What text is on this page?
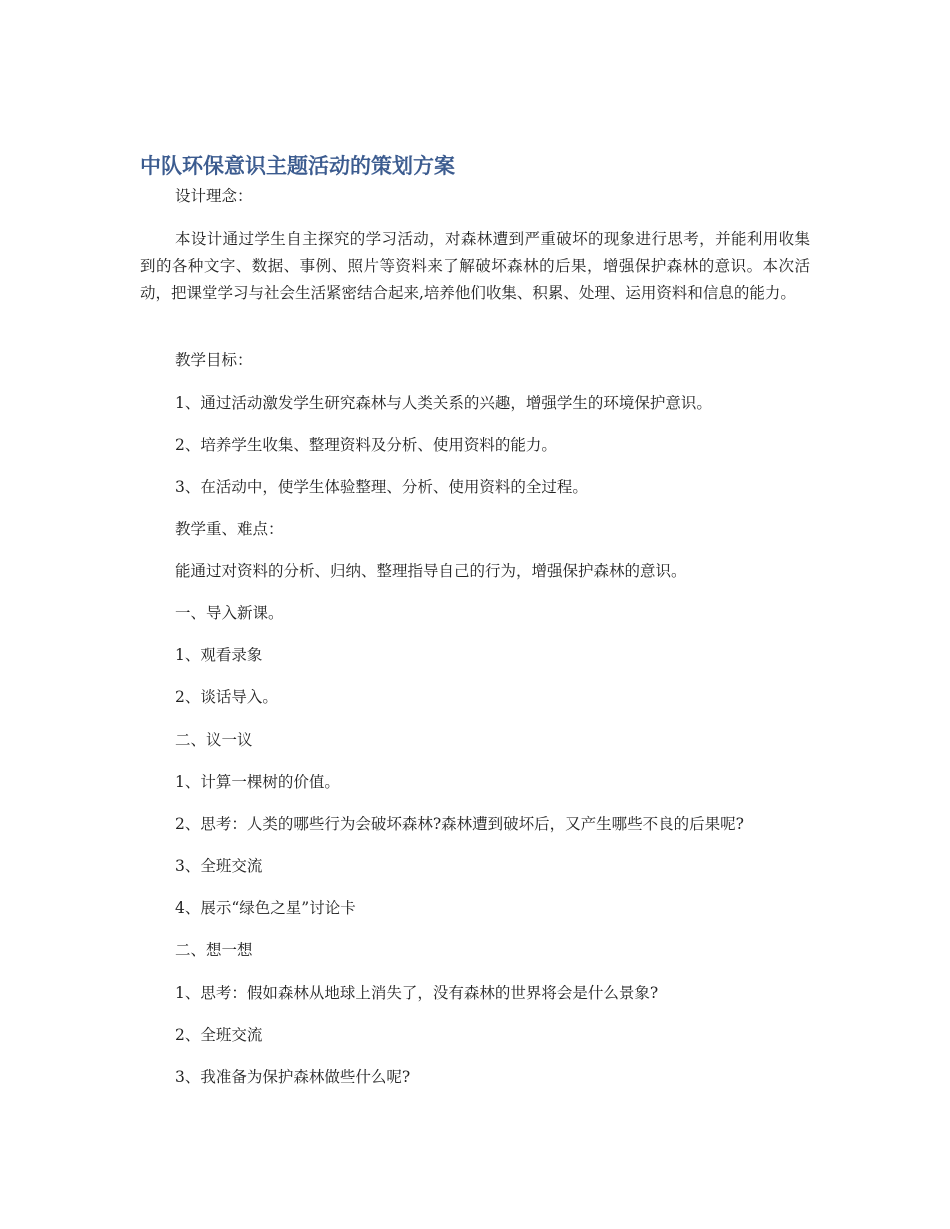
中队环保意识主题活动的策划方案
设计理念：
本设计通过学生自主探究的学习活动，对森林遭到严重破坏的现象进行思考，并能利用收集到的各种文字、数据、事例、照片等资料来了解破坏森林的后果，增强保护森林的意识。本次活动，把课堂学习与社会生活紧密结合起来,培养他们收集、积累、处理、运用资料和信息的能力。
教学目标：
1、通过活动激发学生研究森林与人类关系的兴趣，增强学生的环境保护意识。
2、培养学生收集、整理资料及分析、使用资料的能力。
3、在活动中，使学生体验整理、分析、使用资料的全过程。
教学重、难点：
能通过对资料的分析、归纳、整理指导自己的行为，增强保护森林的意识。
一、导入新课。
1、观看录象
2、谈话导入。
二、议一议
1、计算一棵树的价值。
2、思考：人类的哪些行为会破坏森林?森林遭到破坏后，又产生哪些不良的后果呢?
3、全班交流
4、展示“绿色之星”讨论卡
二、想一想
1、思考：假如森林从地球上消失了，没有森林的世界将会是什么景象?
2、全班交流
3、我准备为保护森林做些什么呢?
